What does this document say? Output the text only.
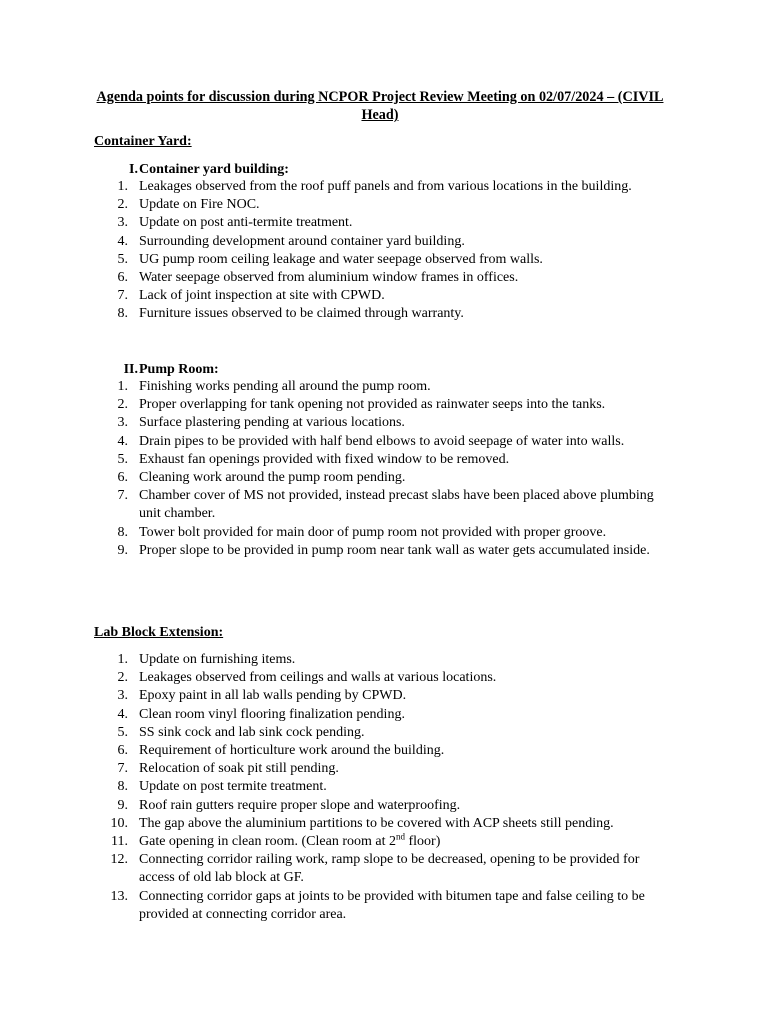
Agenda points for discussion during NCPOR Project Review Meeting on 02/07/2024 – (CIVIL Head)
Container Yard:
I. Container yard building:
1. Leakages observed from the roof puff panels and from various locations in the building.
2. Update on Fire NOC.
3. Update on post anti-termite treatment.
4. Surrounding development around container yard building.
5. UG pump room ceiling leakage and water seepage observed from walls.
6. Water seepage observed from aluminium window frames in offices.
7. Lack of joint inspection at site with CPWD.
8. Furniture issues observed to be claimed through warranty.
II. Pump Room:
1. Finishing works pending all around the pump room.
2. Proper overlapping for tank opening not provided as rainwater seeps into the tanks.
3. Surface plastering pending at various locations.
4. Drain pipes to be provided with half bend elbows to avoid seepage of water into walls.
5. Exhaust fan openings provided with fixed window to be removed.
6. Cleaning work around the pump room pending.
7. Chamber cover of MS not provided, instead precast slabs have been placed above plumbing unit chamber.
8. Tower bolt provided for main door of pump room not provided with proper groove.
9. Proper slope to be provided in pump room near tank wall as water gets accumulated inside.
Lab Block Extension:
1. Update on furnishing items.
2. Leakages observed from ceilings and walls at various locations.
3. Epoxy paint in all lab walls pending by CPWD.
4. Clean room vinyl flooring finalization pending.
5. SS sink cock and lab sink cock pending.
6. Requirement of horticulture work around the building.
7. Relocation of soak pit still pending.
8. Update on post termite treatment.
9. Roof rain gutters require proper slope and waterproofing.
10. The gap above the aluminium partitions to be covered with ACP sheets still pending.
11. Gate opening in clean room. (Clean room at 2nd floor)
12. Connecting corridor railing work, ramp slope to be decreased, opening to be provided for access of old lab block at GF.
13. Connecting corridor gaps at joints to be provided with bitumen tape and false ceiling to be provided at connecting corridor area.
